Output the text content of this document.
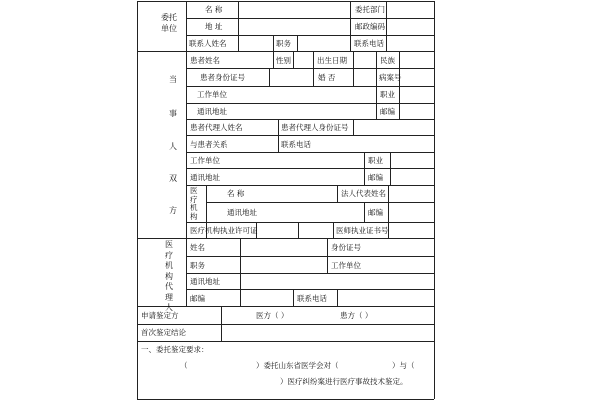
委托单位
名 称	委托部门
地 址	邮政编码
联系人姓名	职务	联系电话
当
事
人
双
方
患者姓名	性别	出生日期	民族
患者身份证号	婚 否	病案号
工作单位	职业
通讯地址	邮编
患者代理人姓名	患者代理人身份证号
与患者关系	联系电话
工作单位	职业
通讯地址	邮编
医疗机构
名 称	法人代表姓名
通讯地址	邮编
医疗机构执业许可证	医师执业证书号
医疗机构代理人
姓名	身份证号
职务	工作单位
通讯地址
邮编	联系电话
申请鉴定方	医方（ ）	患方（ ）
首次鉴定结论
一、委托鉴定要求：
（	）委托山东省医学会对（	）与（
）医疗纠纷案进行医疗事故技术鉴定。
